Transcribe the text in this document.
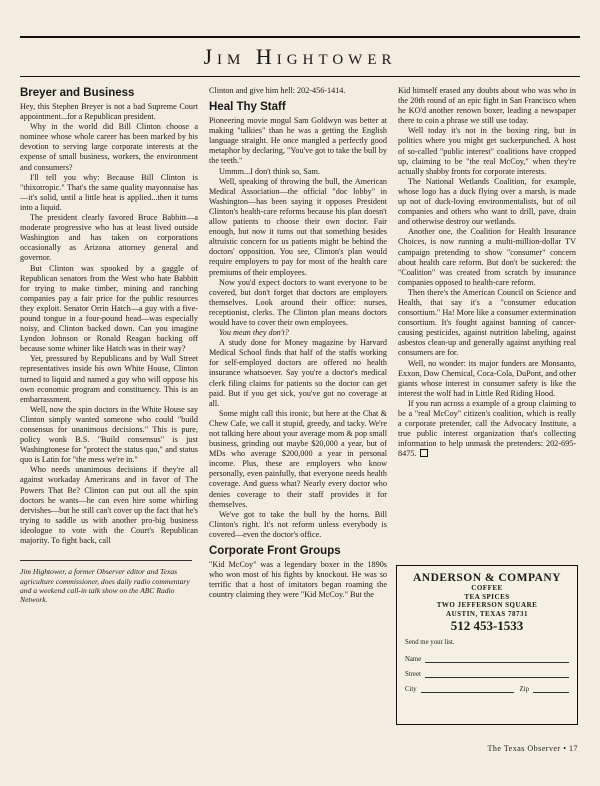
Jim Hightower
Breyer and Business

Hey, this Stephen Breyer is not a bad Supreme Court appointment...for a Republican president.

Why in the world did Bill Clinton choose a nominee whose whole career has been marked by his devotion to serving large corporate interests at the expense of small business, workers, the environment and consumers?

I'll tell you why: Because Bill Clinton is "thixotropic." That's the same quality mayonnaise has—it's solid, until a little heat is applied...then it turns into a liquid.

The president clearly favored Bruce Babbitt—a moderate progressive who has at least lived outside Washington and has taken on corporations occasionally as Arizona attorney general and governor.

But Clinton was spooked by a gaggle of Republican senators from the West who hate Babbitt for trying to make timber, mining and ranching companies pay a fair price for the public resources they exploit. Senator Orrin Hatch—a guy with a five-pound tongue in a four-pound head—was especially noisy, and Clinton backed down. Can you imagine Lyndon Johnson or Ronald Reagan backing off because some whiner like Hatch was in their way?

Yet, pressured by Republicans and by Wall Street representatives inside his own White House, Clinton turned to liquid and named a guy who will oppose his own economic program and constituency. This is an embarrassment.

Well, now the spin doctors in the White House say Clinton simply wanted someone who could "build consensus for unanimous decisions." This is pure, policy wonk B.S. "Build consensus" is just Washingtonese for "protect the status quo," and status quo is Latin for "the mess we're in."

Who needs unanimous decisions if they're all against workaday Americans and in favor of The Powers That Be? Clinton can put out all the spin doctors he wants—he can even hire some whirling dervishes—but he still can't cover up the fact that he's trying to saddle us with another pro-big business ideologue to vote with the Court's Republican majority. To fight back, call

Jim Hightower, a former Observer editor and Texas agriculture commissioner, does daily radio commentary and a weekend call-in talk show on the ABC Radio Network.

Clinton and give him hell: 202-456-1414.

Heal Thy Staff

Pioneering movie mogul Sam Goldwyn was better at making "talkies" than he was a getting the English language straight. He once mangled a perfectly good metaphor by declaring, "You've got to take the bull by the teeth."

Ummm...I don't think so, Sam.

Well, speaking of throwing the bull, the American Medical Association—the official "doc lobby" in Washington—has been saying it opposes President Clinton's health-care reforms because his plan doesn't allow patients to choose their own doctor. Fair enough, but now it turns out that something besides altruistic concern for us patients might be behind the doctors' opposition. You see, Clinton's plan would require employers to pay for most of the health care premiums of their employees.

Now you'd expect doctors to want everyone to be covered, but don't forget that doctors are employers themselves. Look around their office: nurses, receptionist, clerks. The Clinton plan means doctors would have to cover their own employees.

You mean they don't?

A study done for Money magazine by Harvard Medical School finds that half of the staffs working for self-employed doctors are offered no health insurance whatsoever. Say you're a doctor's medical clerk filing claims for patients so the doctor can get paid. But if you get sick, you've got no coverage at all.

Some might call this ironic, but here at the Chat & Chew Cafe, we call it stupid, greedy, and tacky. We're not talking here about your average mom & pop small business, grinding out maybe $20,000 a year, but of MDs who average $200,000 a year in personal income. Plus, these are employers who know personally, even painfully, that everyone needs health coverage. And guess what? Nearly every doctor who denies coverage to their staff provides it for themselves.

We've got to take the bull by the horns. Bill Clinton's right. It's not reform unless everybody is covered—even the doctor's office.

Corporate Front Groups

"Kid McCoy" was a legendary boxer in the 1890s who won most of his fights by knockout. He was so terrific that a host of imitators began roaming the country claiming they were "Kid McCoy." But the

Kid himself erased any doubts about who was who in the 20th round of an epic fight in San Francisco when he KO'd another renown boxer, leading a newspaper there to coin a phrase we still use today.

Well today it's not in the boxing ring, but in politics where you might get suckerpunched. A host of so-called "public interest" coalitions have cropped up, claiming to be "the real McCoy," when they're actually shabby fronts for corporate interests.

The National Wetlands Coalition, for example, whose logo has a duck flying over a marsh, is made up not of duck-loving environmentalists, but of oil companies and others who want to drill, pave, drain and otherwise destroy our wetlands.

Another one, the Coalition for Health Insurance Choices, is now running a multi-million-dollar TV campaign pretending to show "consumer" concern about health care reform. But don't be suckered: the "Coalition" was created from scratch by insurance companies opposed to health-care reform.

Then there's the American Council on Science and Health, that say it's a "consumer education consortium." Ha! More like a consumer extermination consortium. It's fought against banning of cancer-causing pesticides, against nutrition labeling, against asbestos clean-up and generally against anything real consumers are for.

Well, no wonder: its major funders are Monsanto, Exxon, Dow Chemical, Coca-Cola, DuPont, and other giants whose interest in consumer safety is like the interest the wolf had in Little Red Riding Hood.

If you run across a example of a group claiming to be a "real McCoy" citizen's coalition, which is really a corporate pretender, call the Advocacy Institute, a true public interest organization that's collecting information to help unmask the pretenders: 202-695-8475.

ANDERSON & COMPANY
COFFEE
TEA SPICES
TWO JEFFERSON SQUARE
AUSTIN, TEXAS 78731
512 453-1533
Send me your list.
Name
Street
City	Zip
The Texas Observer • 17
